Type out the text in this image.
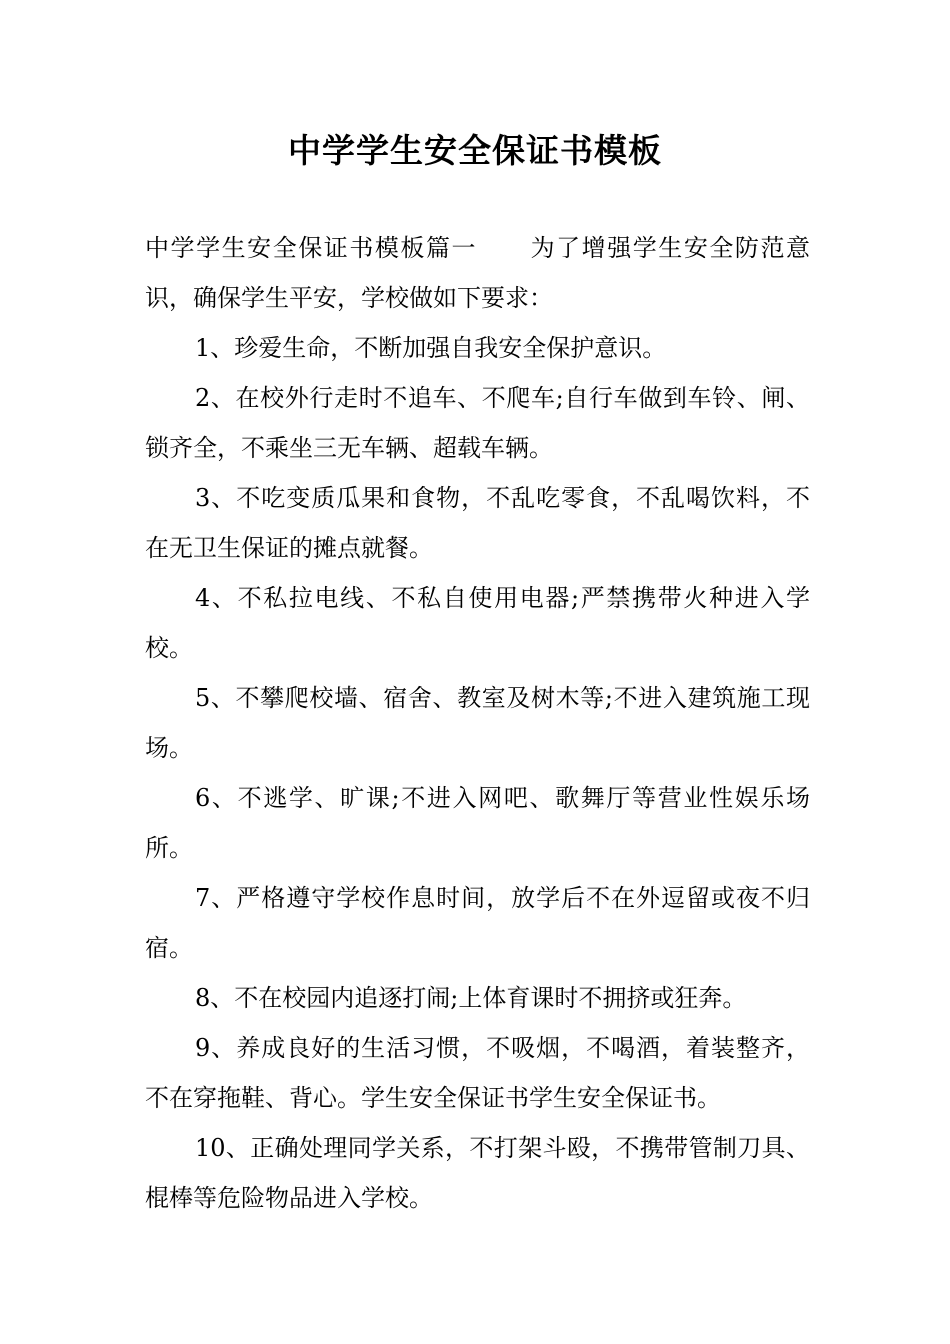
中学学生安全保证书模板

中学学生安全保证书模板篇一 为了增强学生安全防范意识，确保学生平安，学校做如下要求：

1、珍爱生命，不断加强自我安全保护意识。

2、在校外行走时不追车、不爬车;自行车做到车铃、闸、锁齐全，不乘坐三无车辆、超载车辆。

3、不吃变质瓜果和食物，不乱吃零食，不乱喝饮料，不在无卫生保证的摊点就餐。

4、不私拉电线、不私自使用电器;严禁携带火种进入学校。

5、不攀爬校墙、宿舍、教室及树木等;不进入建筑施工现场。

6、不逃学、旷课;不进入网吧、歌舞厅等营业性娱乐场所。

7、严格遵守学校作息时间，放学后不在外逗留或夜不归宿。

8、不在校园内追逐打闹;上体育课时不拥挤或狂奔。

9、养成良好的生活习惯，不吸烟，不喝酒，着装整齐，不在穿拖鞋、背心。学生安全保证书学生安全保证书。

10、正确处理同学关系，不打架斗殴，不携带管制刀具、棍棒等危险物品进入学校。
